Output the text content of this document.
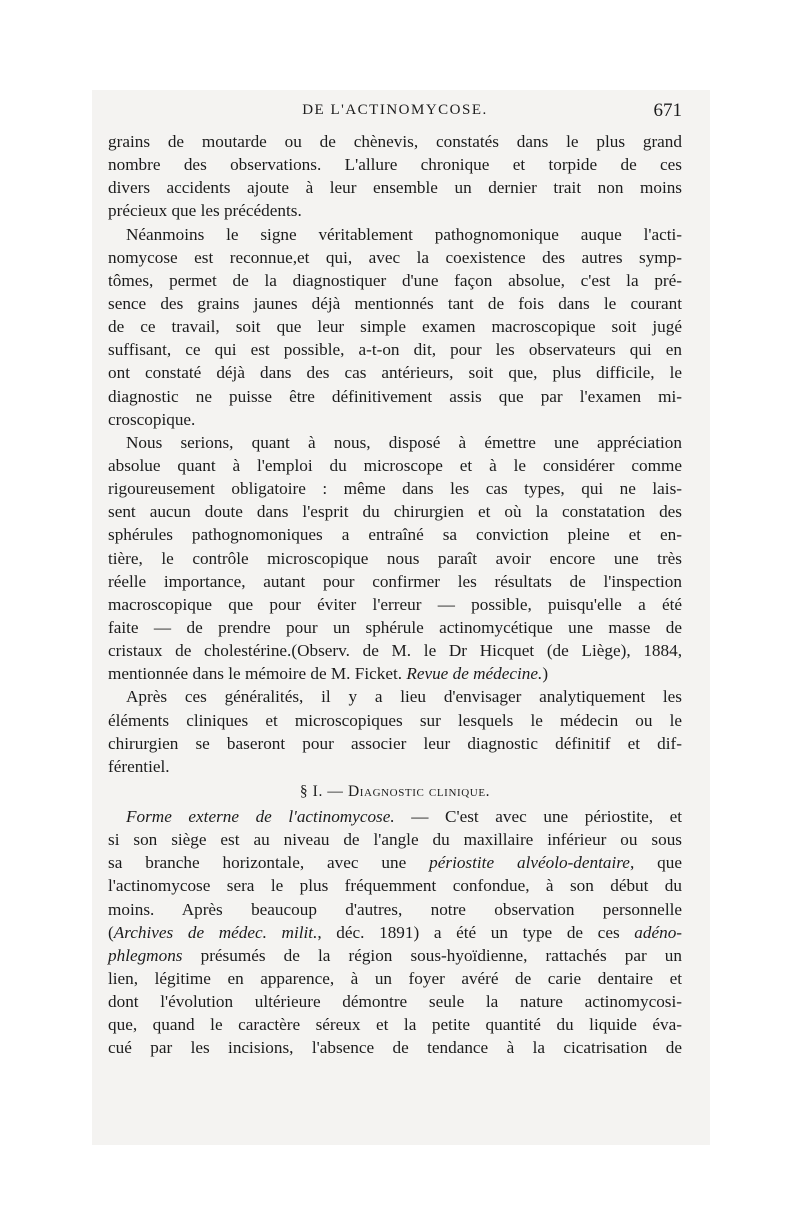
DE L'ACTINOMYCOSE.	671
grains de moutarde ou de chènevis, constatés dans le plus grand
nombre des observations. L'allure chronique et torpide de ces
divers accidents ajoute à leur ensemble un dernier trait non moins
précieux que les précédents.
Néanmoins le signe véritablement pathognomonique auque l'acti-
nomycose est reconnue,et qui, avec la coexistence des autres symp-
tômes, permet de la diagnostiquer d'une façon absolue, c'est la pré-
sence des grains jaunes déjà mentionnés tant de fois dans le courant
de ce travail, soit que leur simple examen macroscopique soit jugé
suffisant, ce qui est possible, a-t-on dit, pour les observateurs qui en
ont constaté déjà dans des cas antérieurs, soit que, plus difficile, le
diagnostic ne puisse être définitivement assis que par l'examen mi-
croscopique.
Nous serions, quant à nous, disposé à émettre une appréciation
absolue quant à l'emploi du microscope et à le considérer comme
rigoureusement obligatoire : même dans les cas types, qui ne lais-
sent aucun doute dans l'esprit du chirurgien et où la constatation des
sphérules pathognomoniques a entraîné sa conviction pleine et en-
tière, le contrôle microscopique nous paraît avoir encore une très
réelle importance, autant pour confirmer les résultats de l'inspection
macroscopique que pour éviter l'erreur — possible, puisqu'elle a été
faite — de prendre pour un sphérule actinomycétique une masse de
cristaux de cholestérine.(Observ. de M. le Dr Hicquet (de Liège), 1884,
mentionnée dans le mémoire de M. Ficket. Revue de médecine.)
Après ces généralités, il y a lieu d'envisager analytiquement les
éléments cliniques et microscopiques sur lesquels le médecin ou le
chirurgien se baseront pour associer leur diagnostic définitif et dif-
férentiel.
§ I. — Diagnostic clinique.
Forme externe de l'actinomycose. — C'est avec une périostite, et
si son siège est au niveau de l'angle du maxillaire inférieur ou sous
sa branche horizontale, avec une périostite alvéolo-dentaire, que
l'actinomycose sera le plus fréquemment confondue, à son début du
moins. Après beaucoup d'autres, notre observation personnelle
(Archives de médec. milit., déc. 1891) a été un type de ces adéno-
phlegmons présumés de la région sous-hyoïdienne, rattachés par un
lien, légitime en apparence, à un foyer avéré de carie dentaire et
dont l'évolution ultérieure démontre seule la nature actinomycosi-
que, quand le caractère séreux et la petite quantité du liquide éva-
cué par les incisions, l'absence de tendance à la cicatrisation de
